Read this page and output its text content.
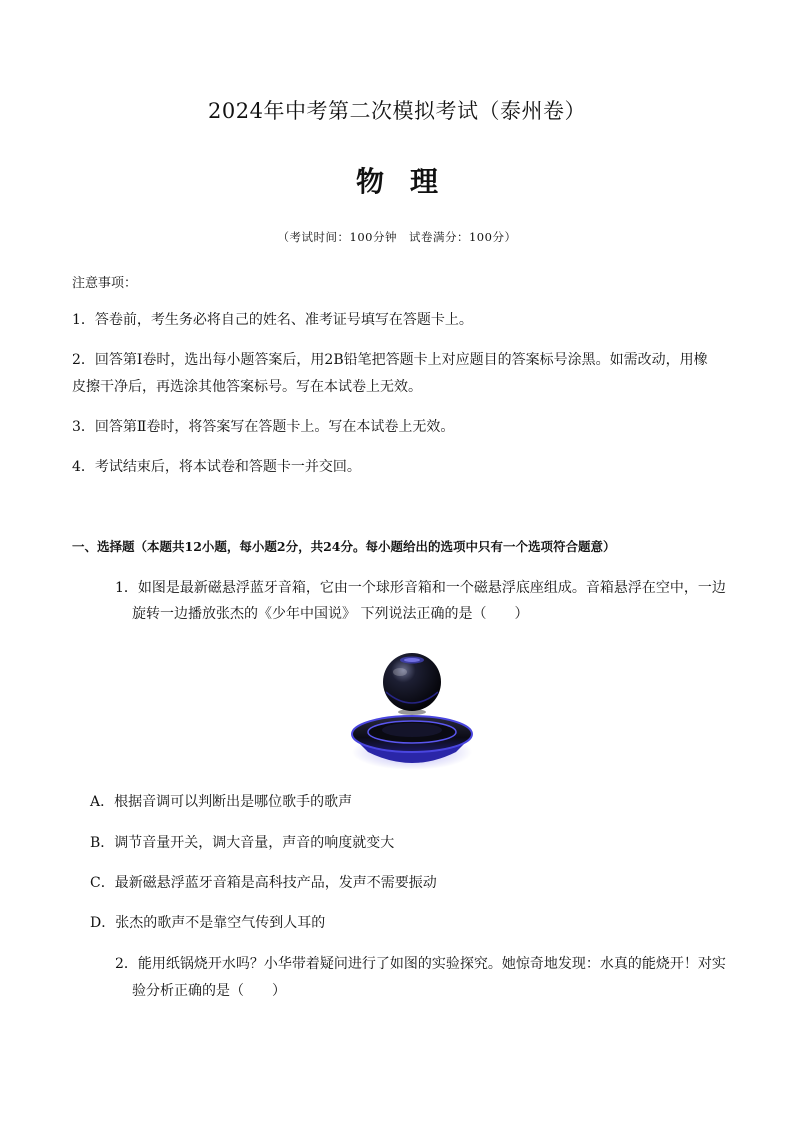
2024年中考第二次模拟考试（泰州卷）
物理
（考试时间：100分钟　试卷满分：100分）
注意事项：
1．答卷前，考生务必将自己的姓名、准考证号填写在答题卡上。
2．回答第Ⅰ卷时，选出每小题答案后，用2B铅笔把答题卡上对应题目的答案标号涂黑。如需改动，用橡
皮擦干净后，再选涂其他答案标号。写在本试卷上无效。
3．回答第Ⅱ卷时，将答案写在答题卡上。写在本试卷上无效。
4．考试结束后，将本试卷和答题卡一并交回。
一、选择题（本题共12小题，每小题2分，共24分。每小题给出的选项中只有一个选项符合题意）
1．如图是最新磁悬浮蓝牙音箱，它由一个球形音箱和一个磁悬浮底座组成。音箱悬浮在空中，一边
旋转一边播放张杰的《少年中国说》 下列说法正确的是（　　）
A．根据音调可以判断出是哪位歌手的歌声
B．调节音量开关，调大音量，声音的响度就变大
C．最新磁悬浮蓝牙音箱是高科技产品，发声不需要振动
D．张杰的歌声不是靠空气传到人耳的
2．能用纸锅烧开水吗？小华带着疑问进行了如图的实验探究。她惊奇地发现：水真的能烧开！对实
验分析正确的是（　　）
